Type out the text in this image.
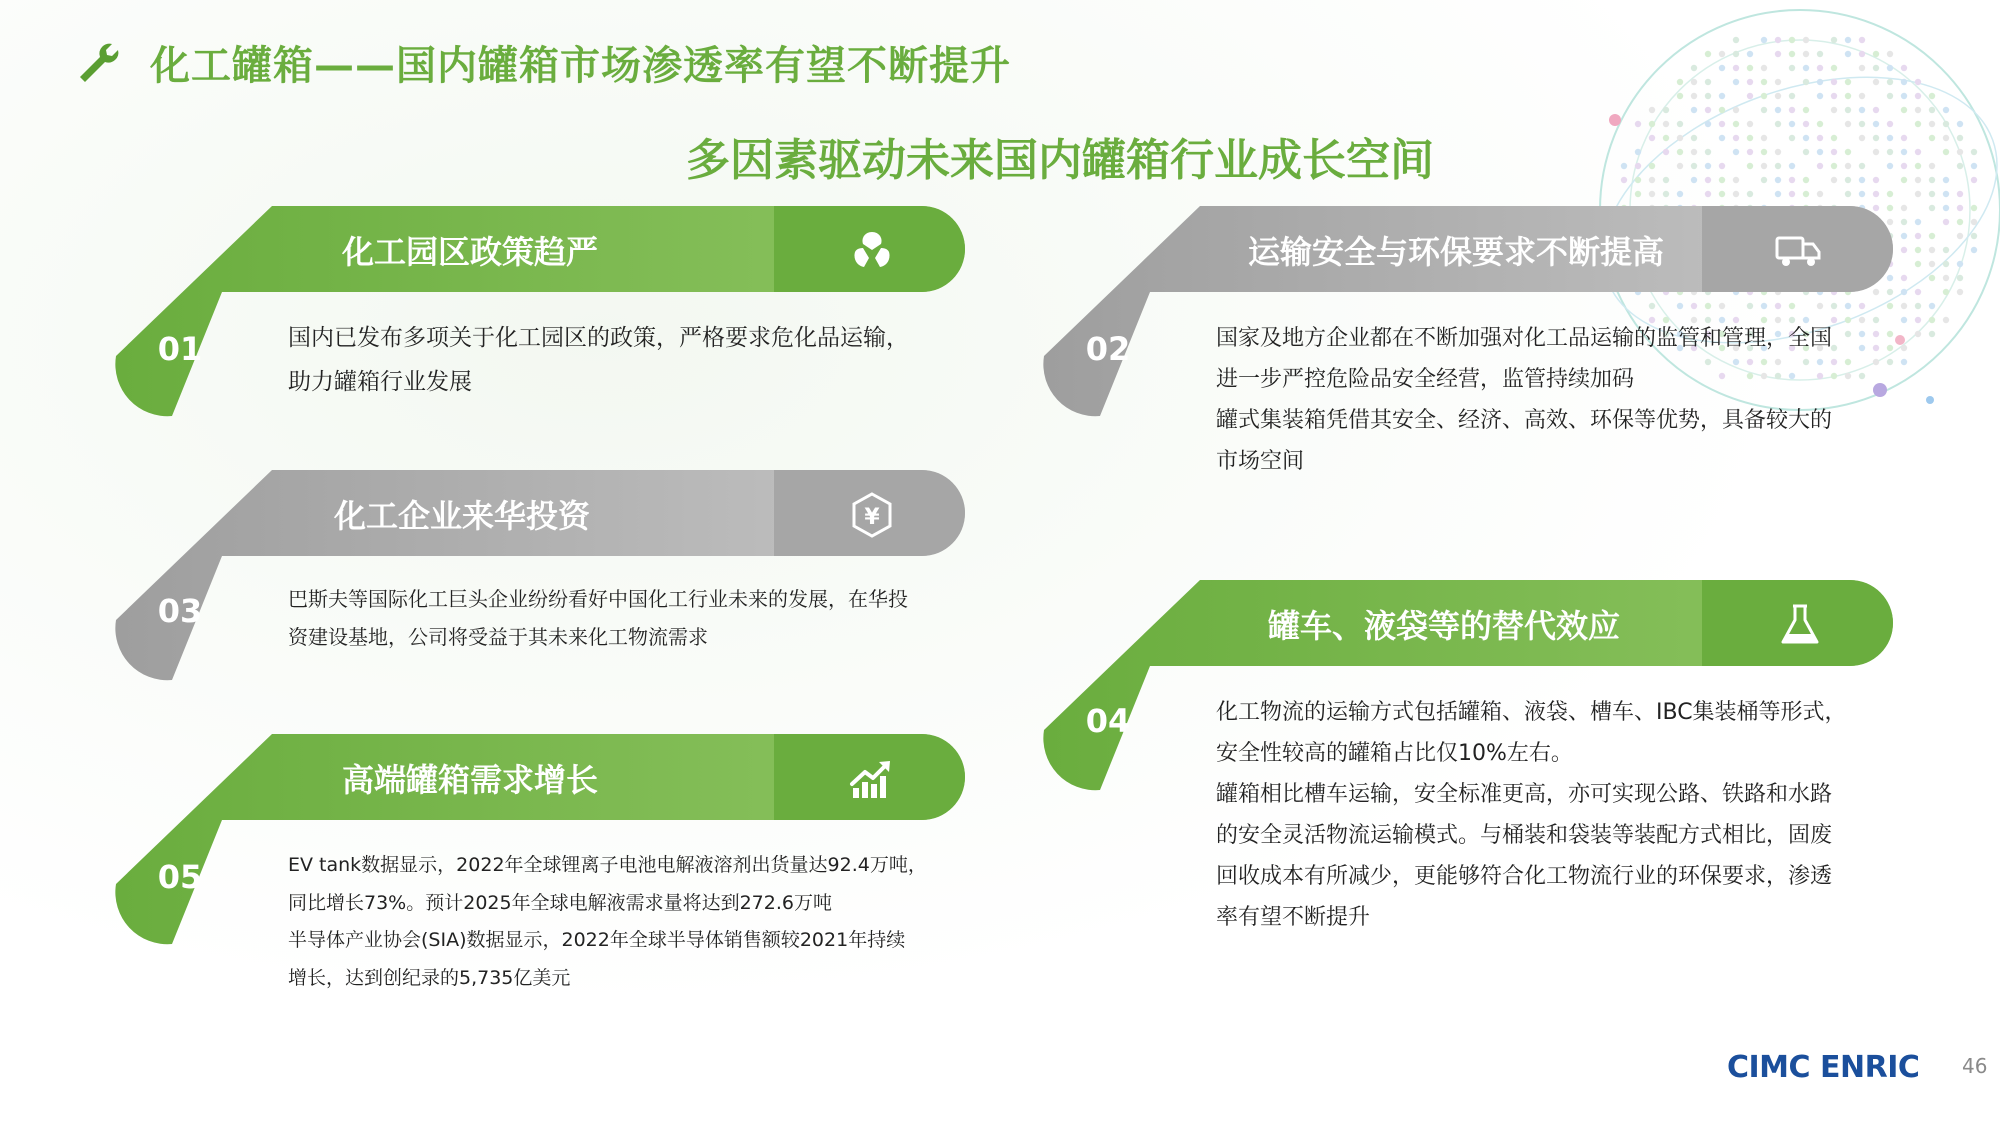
化工罐箱——国内罐箱市场渗透率有望不断提升
多因素驱动未来国内罐箱行业成长空间
01
化工园区政策趋严

国内已发布多项关于化工园区的政策，严格要求危化品运输，

助力罐箱行业发展

02
运输安全与环保要求不断提高

国家及地方企业都在不断加强对化工品运输的监管和管理，全国

进一步严控危险品安全经营，监管持续加码

罐式集装箱凭借其安全、经济、高效、环保等优势，具备较大的

市场空间

03
化工企业来华投资	¥

巴斯夫等国际化工巨头企业纷纷看好中国化工行业未来的发展，在华投

资建设基地，公司将受益于其未来化工物流需求

04
罐车、液袋等的替代效应

化工物流的运输方式包括罐箱、液袋、槽车、IBC集装桶等形式，

安全性较高的罐箱占比仅10%左右。

罐箱相比槽车运输，安全标准更高，亦可实现公路、铁路和水路

的安全灵活物流运输模式。与桶装和袋装等装配方式相比，固废

回收成本有所减少，更能够符合化工物流行业的环保要求，渗透

率有望不断提升

05
高端罐箱需求增长

EV tank数据显示，2022年全球锂离子电池电解液溶剂出货量达92.4万吨，

同比增长73%。预计2025年全球电解液需求量将达到272.6万吨

半导体产业协会(SIA)数据显示，2022年全球半导体销售额较2021年持续

增长，达到创纪录的5,735亿美元

CIMC ENRIC 46
